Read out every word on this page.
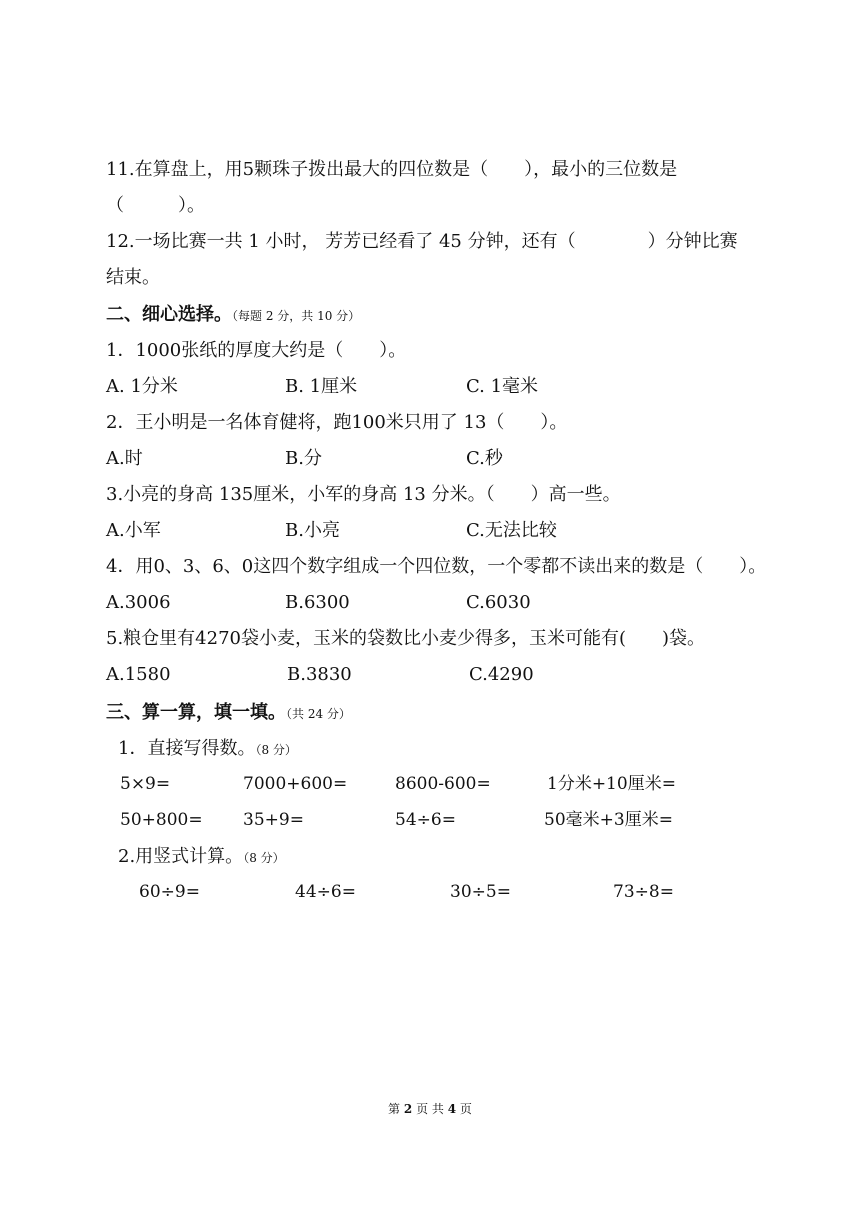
11.在算盘上，用5颗珠子拨出最大的四位数是（　　），最小的三位数是
（　　　）。
12.一场比赛一共 1 小时， 芳芳已经看了 45 分钟，还有（　　　　）分钟比赛
结束。
二、细心选择。（每题 2 分，共 10 分）
1．1000张纸的厚度大约是（　　）。
A. 1分米	B. 1厘米	C. 1毫米
2．王小明是一名体育健将，跑100米只用了 13（　　）。
A.时	B.分	C.秒
3.小亮的身高 135厘米，小军的身高 13 分米。（　　）高一些。
A.小军	B.小亮	C.无法比较
4．用0、3、6、0这四个数字组成一个四位数，一个零都不读出来的数是（　　）。
A.3006	B.6300	C.6030
5.粮仓里有4270袋小麦，玉米的袋数比小麦少得多，玉米可能有(　　)袋。
A.1580	B.3830	C.4290
三、算一算，填一填。（共 24 分）
1．直接写得数。（8 分）
5×9=	7000+600=	8600-600=	1分米+10厘米=
50+800= 35+9=	54÷6=	50毫米+3厘米=
2.用竖式计算。（8 分）
60÷9=	44÷6=	30÷5=	73÷8=
第 2 页 共 4 页
